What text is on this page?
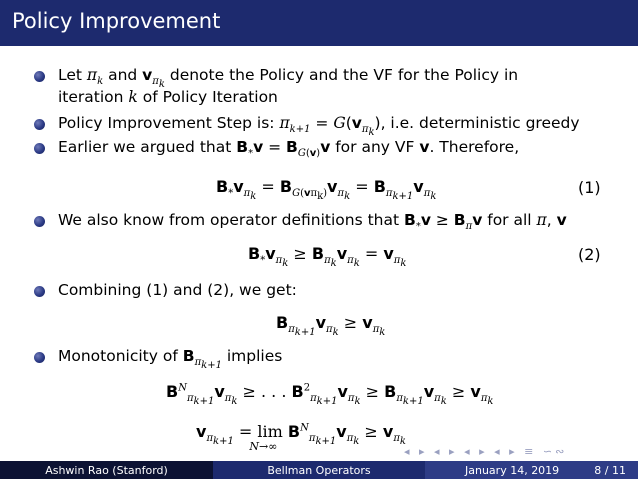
Policy Improvement
Let $\pi_k$ and $v_{\pi_k}$ denote the Policy and the VF for the Policy in
iteration k of Policy Iteration
Policy Improvement Step is: $\pi_{k+1} = G(v_{\pi_k})$, i.e. deterministic greedy
Earlier we argued that $B_*v = B_{G(v)}v$ for any VF v. Therefore,
$B_*v_{\pi_k} = B_{G(v\pi_k)}v_{\pi_k} = B_{\pi_{k+1}}v_{\pi_k}$	(1)
We also know from operator definitions that $B_*v \ge B_\pi v$ for all π, v
$B_*v_{\pi_k} \ge B_{\pi_k}v_{\pi_k} = v_{\pi_k}$	(2)
Combining (1) and (2), we get:
$B_{\pi_{k+1}}v_{\pi_k} \ge v_{\pi_k}$
Monotonicity of $B_{\pi_{k+1}}$ implies
$B^N_{\pi_{k+1}}v_{\pi_k}$ ≥ . . . $B^2_{\pi_{k+1}}v_{\pi_k} \ge B_{\pi_{k+1}}v_{\pi_k} \ge v_{\pi_k}$
$v_{\pi_{k+1}} = \lim$
N→∞
$B^N_{\pi_{k+1}}v_{\pi_k} \ge v_{\pi_k}$
◂ ▸ ◂ ▸ ◂ ▸ ◂ ▸ ≡ ∽∾
Ashwin Rao (Stanford)	Bellman Operators	January 14, 2019	8 / 11
